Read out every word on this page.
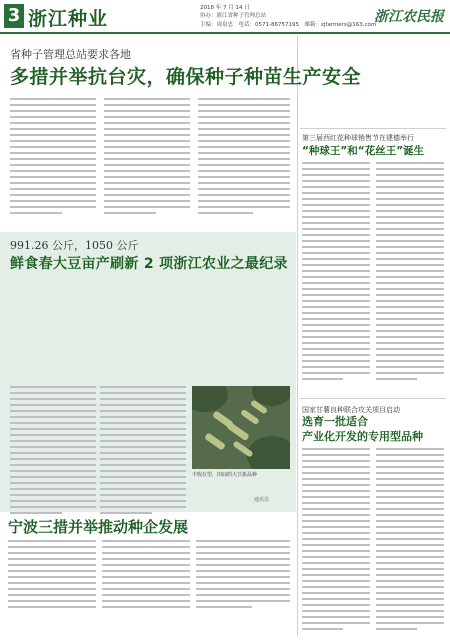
3 浙江种业	2018 年 7 月 14 日
协办：浙江省种子管理总站
主编：周泉忠　电话：0571-86757195　邮箱：zjfarmers@163.com
浙江农民报
省种子管理总站要求各地
多措并举抗台灾，确保种子种苗生产安全
991.26 公斤，1050 公斤
鲜食春大豆亩产刷新 2 项浙江农业之最纪录
丰收在望，田间的大豆新品种
通讯员
宁波三措并举推动种企发展
第三届西红花种球销售节在建德举行
“种球王”和“花丝王”诞生
国家甘薯良种联合攻关项目启动
选育一批适合
产业化开发的专用型品种
